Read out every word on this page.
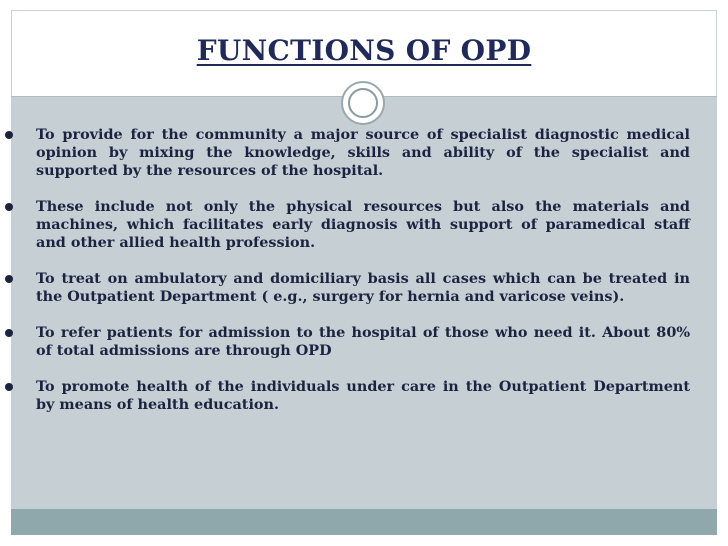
FUNCTIONS OF OPD
To provide for the community a major source of specialist diagnostic medical opinion by mixing the knowledge, skills and ability of the specialist and supported by the resources of the hospital.
These include not only the physical resources but also the materials and machines, which facilitates early diagnosis with support of paramedical staff and other allied health profession.
To treat on ambulatory and domiciliary basis all cases which can be treated in the Outpatient Department ( e.g., surgery for hernia and varicose veins).
To refer patients for admission to the hospital of those who need it. About 80% of total admissions are through OPD
To promote health of the individuals under care in the Outpatient Department by means of health education.
